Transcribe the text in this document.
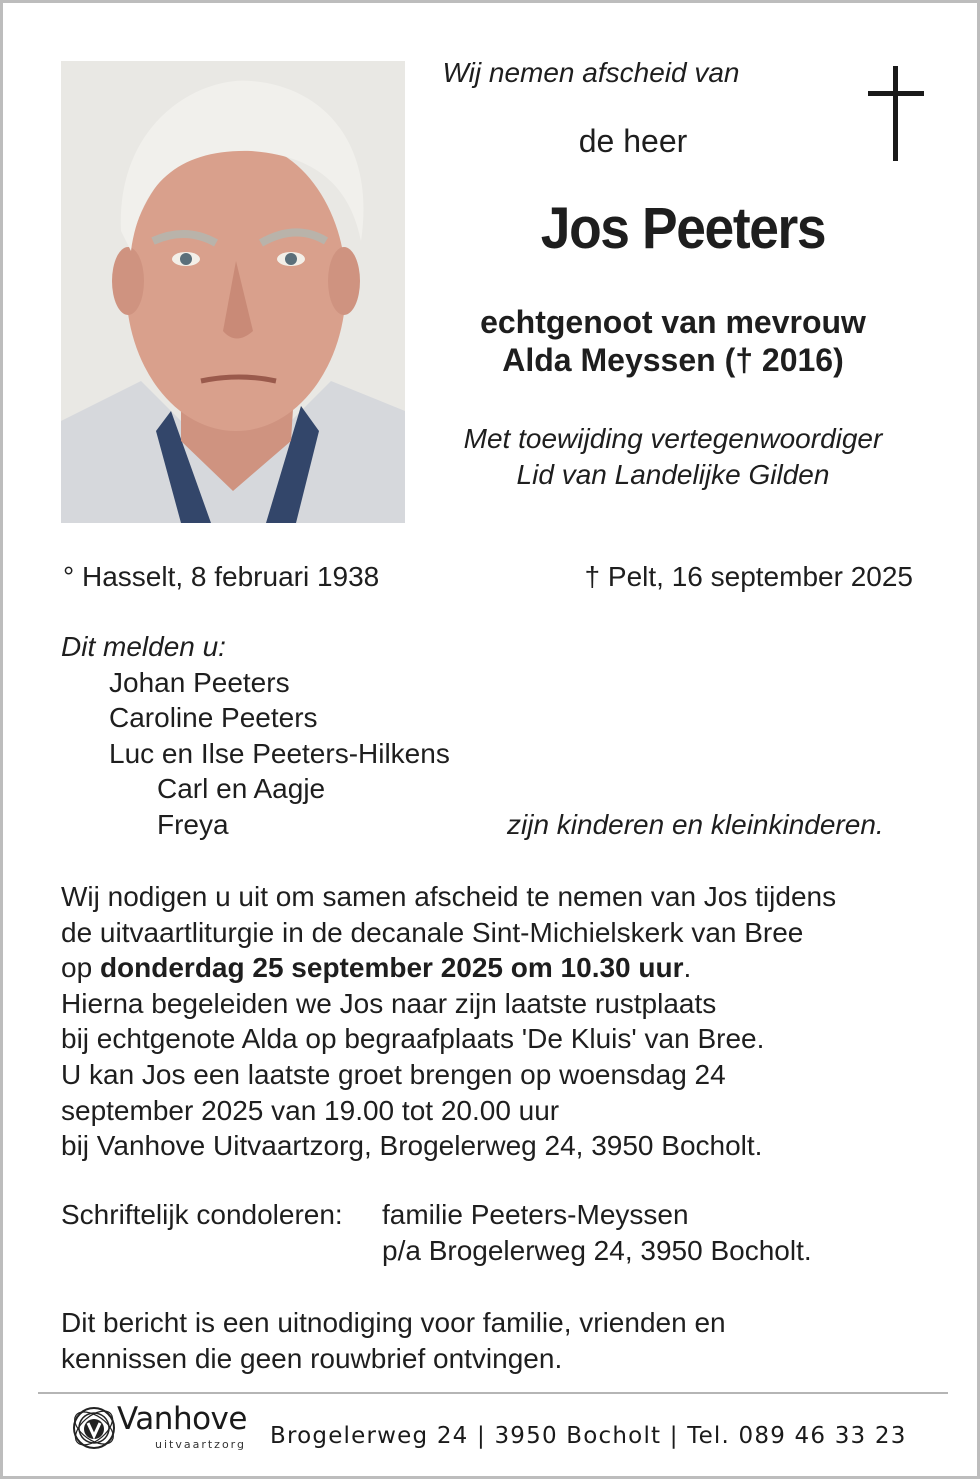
Wij nemen afscheid van
de heer
Jos Peeters
echtgenoot van mevrouw
Alda Meyssen († 2016)
Met toewijding vertegenwoordiger
Lid van Landelijke Gilden
° Hasselt, 8 februari 1938	† Pelt, 16 september 2025
Dit melden u:
Johan Peeters
Caroline Peeters
Luc en Ilse Peeters-Hilkens
Carl en Aagje
Freya	zijn kinderen en kleinkinderen.
Wij nodigen u uit om samen afscheid te nemen van Jos tijdens
de uitvaartliturgie in de decanale Sint-Michielskerk van Bree
op donderdag 25 september 2025 om 10.30 uur.
Hierna begeleiden we Jos naar zijn laatste rustplaats
bij echtgenote Alda op begraafplaats 'De Kluis' van Bree.
U kan Jos een laatste groet brengen op woensdag 24
september 2025 van 19.00 tot 20.00 uur
bij Vanhove Uitvaartzorg, Brogelerweg 24, 3950 Bocholt.
Schriftelijk condoleren: familie Peeters-Meyssen
p/a Brogelerweg 24, 3950 Bocholt.
Dit bericht is een uitnodiging voor familie, vrienden en
kennissen die geen rouwbrief ontvingen.
Vanhove
uitvaartzorg Brogelerweg 24 | 3950 Bocholt | Tel. 089 46 33 23
